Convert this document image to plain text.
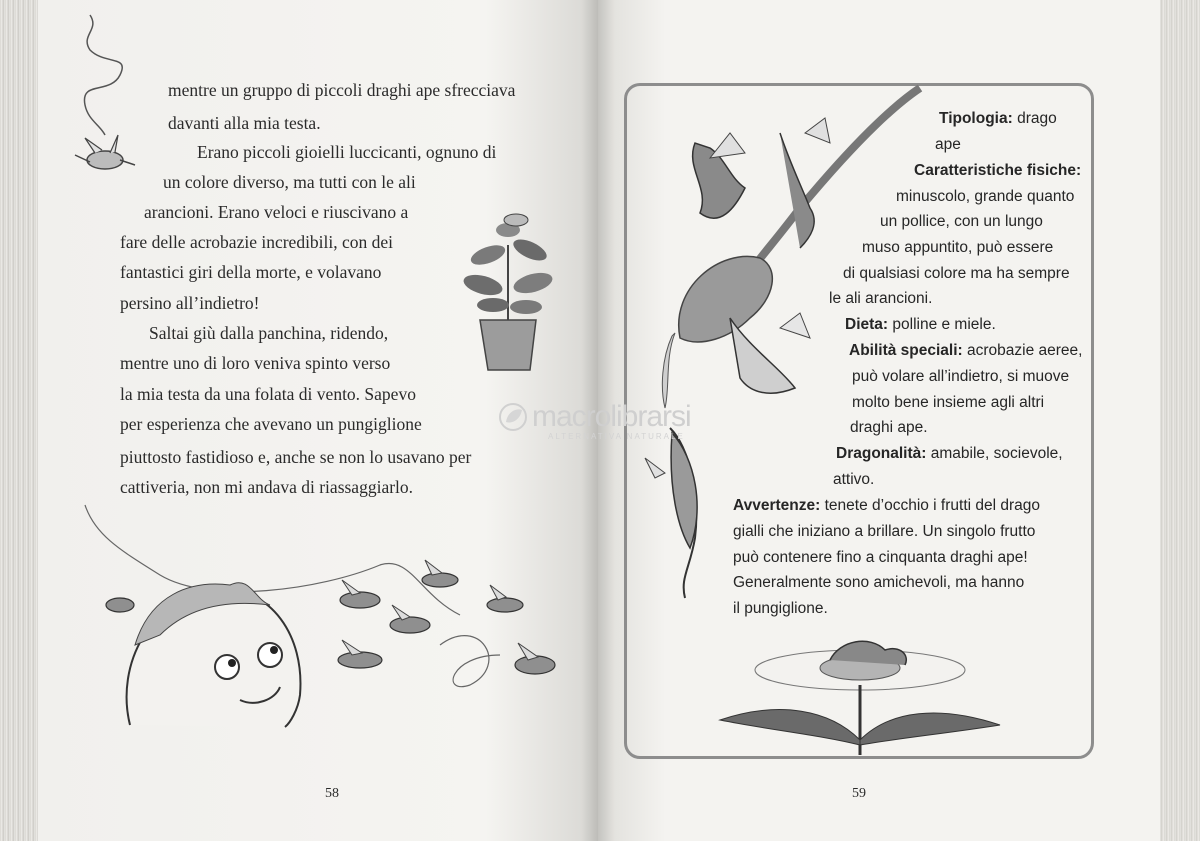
mentre un gruppo di piccoli draghi ape sfrecciava
davanti alla mia testa.
Erano piccoli gioielli luccicanti, ognuno di
un colore diverso, ma tutti con le ali
arancioni. Erano veloci e riuscivano a
fare delle acrobazie incredibili, con dei
fantastici giri della morte, e volavano
persino all’indietro!
Saltai giù dalla panchina, ridendo,
mentre uno di loro veniva spinto verso
la mia testa da una folata di vento. Sapevo
per esperienza che avevano un pungiglione
piuttosto fastidioso e, anche se non lo usavano per
cattiveria, non mi andava di riassaggiarlo.
58
Tipologia: drago
ape
Caratteristiche fisiche:
minuscolo, grande quanto
un pollice, con un lungo
muso appuntito, può essere
di qualsiasi colore ma ha sempre
le ali arancioni.
Dieta: polline e miele.
Abilità speciali: acrobazie aeree,
può volare all’indietro, si muove
molto bene insieme agli altri
draghi ape.
Dragonalità: amabile, socievole,
attivo.
Avvertenze: tenete d’occhio i frutti del drago
gialli che iniziano a brillare. Un singolo frutto
può contenere fino a cinquanta draghi ape!
Generalmente sono amichevoli, ma hanno
il pungiglione.
59
macrolibrarsi
ALTERNATIVA NATURALE
